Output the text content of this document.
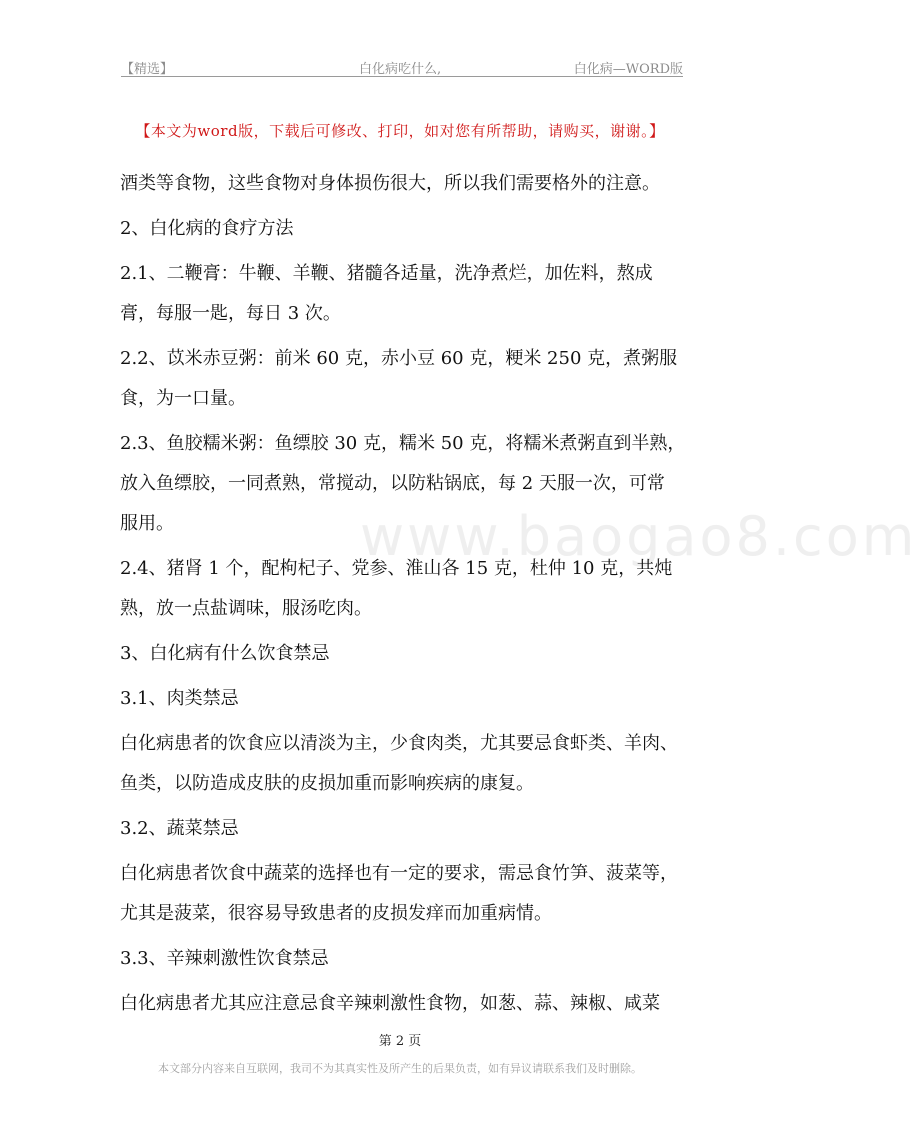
【精选】	白化病吃什么,	白化病—WORD版
【本文为word版，下载后可修改、打印，如对您有所帮助，请购买，谢谢。】
www.baogao8.com

酒类等食物，这些食物对身体损伤很大，所以我们需要格外的注意。

2、白化病的食疗方法

2.1、二鞭膏：牛鞭、羊鞭、猪髓各适量，洗净煮烂，加佐料，熬成
膏，每服一匙，每日 3 次。

2.2、苡米赤豆粥：前米 60 克，赤小豆 60 克，粳米 250 克，煮粥服
食，为一口量。

2.3、鱼胶糯米粥：鱼缥胶 30 克，糯米 50 克，将糯米煮粥直到半熟，
放入鱼缥胶，一同煮熟，常搅动，以防粘锅底，每 2 天服一次，可常
服用。

2.4、猪肾 1 个，配枸杞子、党参、淮山各 15 克，杜仲 10 克，共炖
熟，放一点盐调味，服汤吃肉。

3、白化病有什么饮食禁忌

3.1、肉类禁忌

白化病患者的饮食应以清淡为主，少食肉类，尤其要忌食虾类、羊肉、
鱼类，以防造成皮肤的皮损加重而影响疾病的康复。

3.2、蔬菜禁忌

白化病患者饮食中蔬菜的选择也有一定的要求，需忌食竹笋、菠菜等，
尤其是菠菜，很容易导致患者的皮损发痒而加重病情。

3.3、辛辣刺激性饮食禁忌

白化病患者尤其应注意忌食辛辣刺激性食物，如葱、蒜、辣椒、咸菜

第 2 页
本文部分内容来自互联网，我司不为其真实性及所产生的后果负责，如有异议请联系我们及时删除。
